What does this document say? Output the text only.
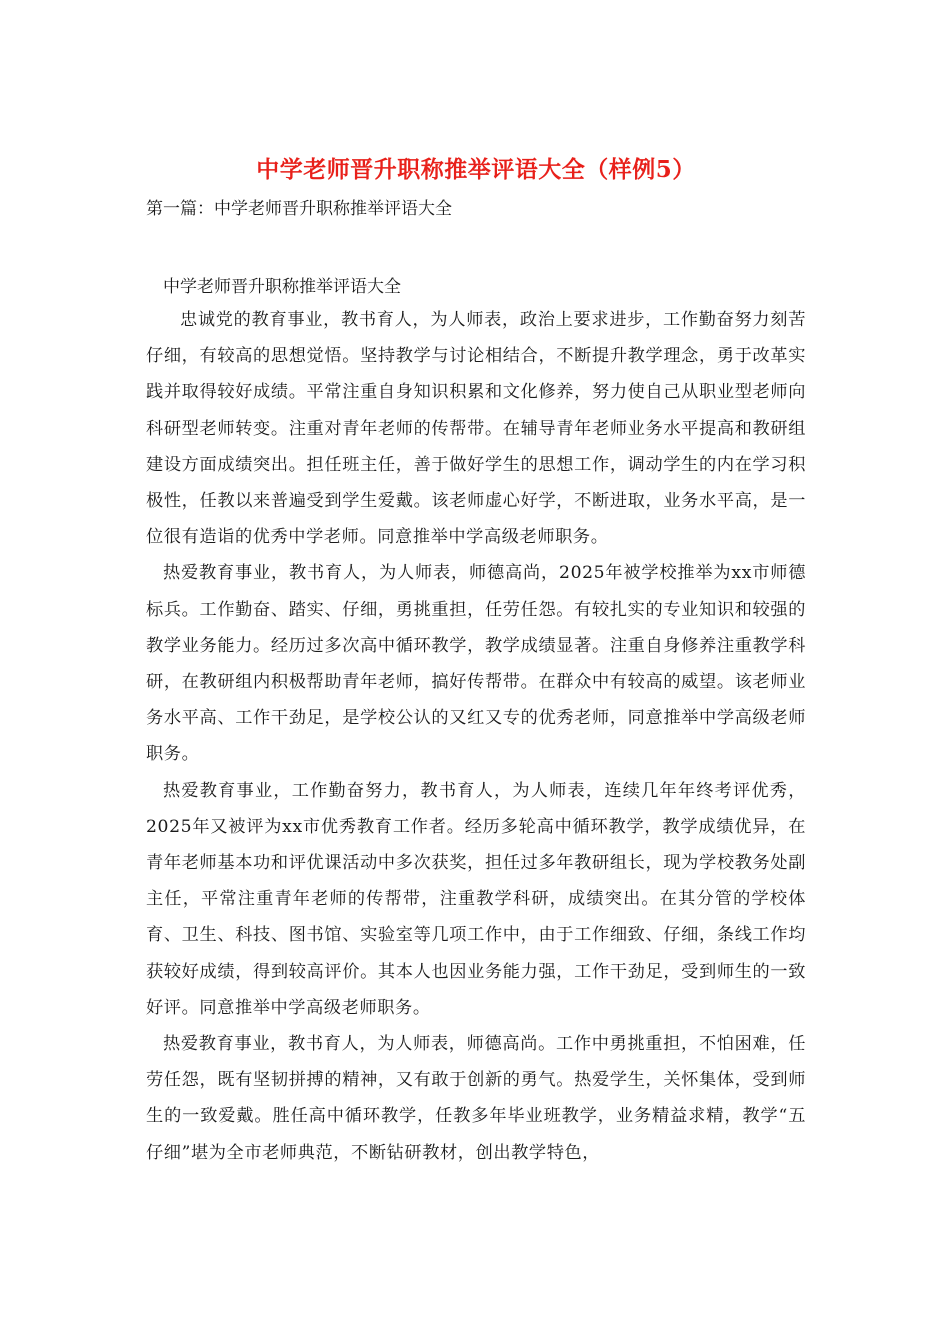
中学老师晋升职称推举评语大全（样例5）

第一篇：中学老师晋升职称推举评语大全

中学老师晋升职称推举评语大全

忠诚党的教育事业，教书育人，为人师表，政治上要求进步，工作勤奋努力刻苦仔细，有较高的思想觉悟。坚持教学与讨论相结合，不断提升教学理念，勇于改革实践并取得较好成绩。平常注重自身知识积累和文化修养，努力使自己从职业型老师向科研型老师转变。注重对青年老师的传帮带。在辅导青年老师业务水平提高和教研组建设方面成绩突出。担任班主任，善于做好学生的思想工作，调动学生的内在学习积极性，任教以来普遍受到学生爱戴。该老师虚心好学，不断进取，业务水平高，是一位很有造诣的优秀中学老师。同意推举中学高级老师职务。

热爱教育事业，教书育人，为人师表，师德高尚，2025年被学校推举为xx市师德标兵。工作勤奋、踏实、仔细，勇挑重担，任劳任怨。有较扎实的专业知识和较强的教学业务能力。经历过多次高中循环教学，教学成绩显著。注重自身修养注重教学科研，在教研组内积极帮助青年老师，搞好传帮带。在群众中有较高的威望。该老师业务水平高、工作干劲足，是学校公认的又红又专的优秀老师，同意推举中学高级老师职务。

热爱教育事业，工作勤奋努力，教书育人，为人师表，连续几年年终考评优秀，2025年又被评为xx市优秀教育工作者。经历多轮高中循环教学，教学成绩优异，在青年老师基本功和评优课活动中多次获奖，担任过多年教研组长，现为学校教务处副主任，平常注重青年老师的传帮带，注重教学科研，成绩突出。在其分管的学校体育、卫生、科技、图书馆、实验室等几项工作中，由于工作细致、仔细，条线工作均获较好成绩，得到较高评价。其本人也因业务能力强，工作干劲足，受到师生的一致好评。同意推举中学高级老师职务。

热爱教育事业，教书育人，为人师表，师德高尚。工作中勇挑重担，不怕困难，任劳任怨，既有坚韧拼搏的精神，又有敢于创新的勇气。热爱学生，关怀集体，受到师生的一致爱戴。胜任高中循环教学，任教多年毕业班教学，业务精益求精，教学“五仔细”堪为全市老师典范，不断钻研教材，创出教学特色，
